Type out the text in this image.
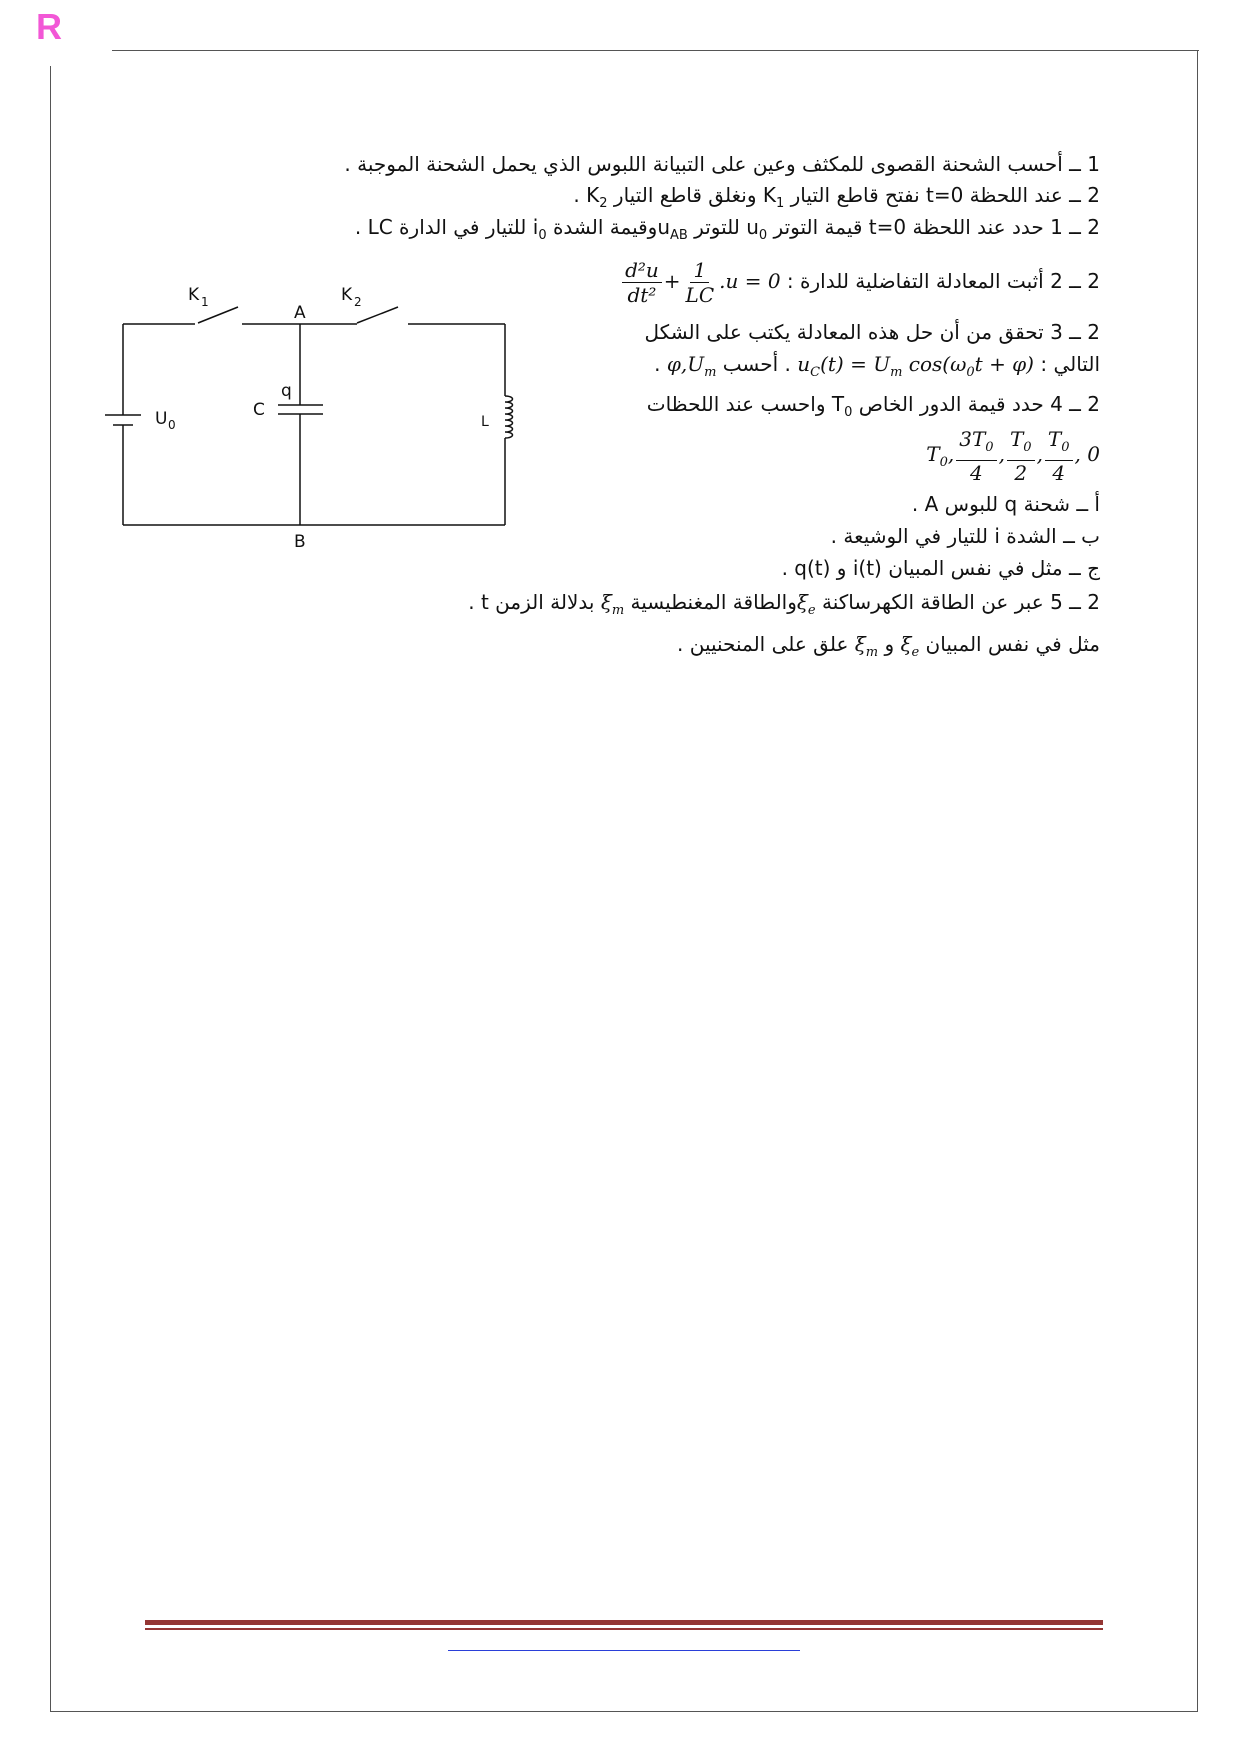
R
K 1	K 2
A
B
q
C
U 0	L
1 ــ أحسب الشحنة القصوى للمكثف وعين على التبيانة اللبوس الذي يحمل الشحنة الموجبة .
2 ــ عند اللحظة t=0 نفتح قاطع التيار $K_1$ ونغلق قاطع التيار $K_2$ .
2 ــ 1 حدد عند اللحظة t=0 قيمة التوتر $u_0$ للتوتر $u_{AB}وقيمة$ الشدة $i_0$ للتيار في الدارة LC .
2 ــ 2 أثبت المعادلة التفاضلية للدارة :
$\frac{\text{d²u}}{\text{dt²}} + \frac{1}{LC} .u = 0$
2 ــ 3 تحقق من أن حل هذه المعادلة يكتب على الشكل
التالي : $u_C(t) = U_m$ $\cos(\omega_0t + \varphi)$ . أحسب $\varphi,U_m$ .
2 ــ 4 حدد قيمة الدور الخاص $T_0$ واحسب عند اللحظات
$T_0$, $\frac{3T_0}{4}$ , $\frac{T_0}{2}$ , $\frac{T_0}{4}$ , 0
أ ــ شحنة q للبوس A .
ب ــ الشدة i للتيار في الوشيعة .
ج ــ مثل في نفس المبيان i(t) و q(t) .
2 ــ 5 عبر عن الطاقة الكهرساكنة $\xi_eوالطاقة$ المغنطيسية $\xi_m$ بدلالة الزمن t .
مثل في نفس المبيان $\xi_e$ و $\xi_m$ علق على المنحنيين .
